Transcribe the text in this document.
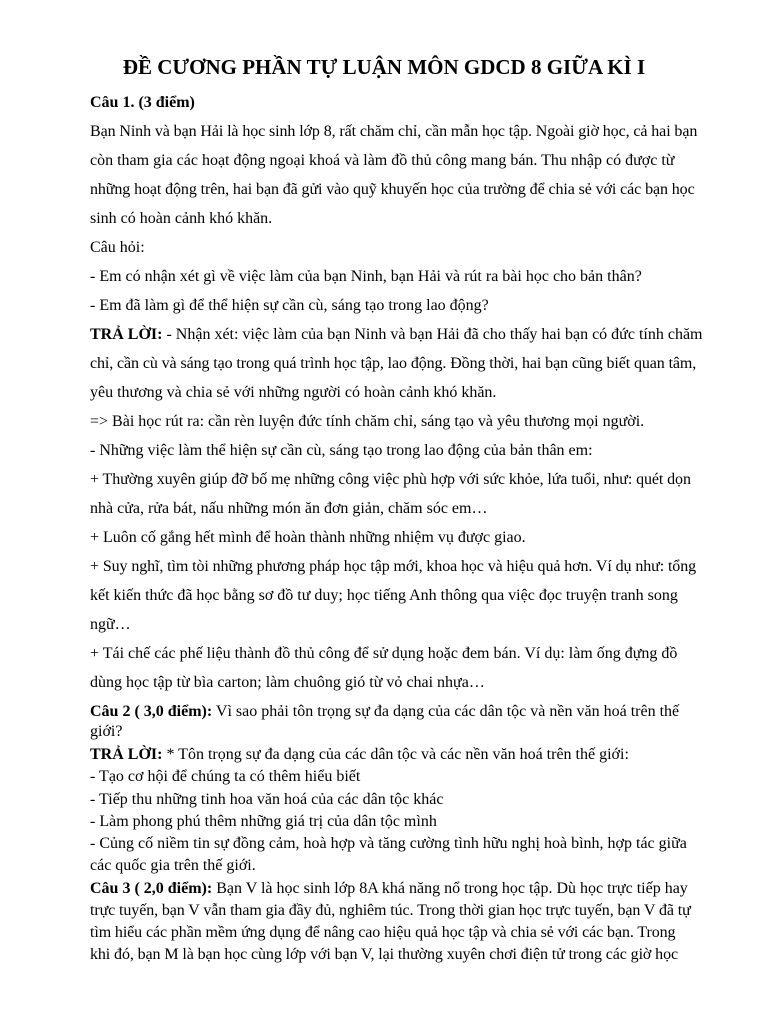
ĐỀ CƯƠNG PHẦN TỰ LUẬN MÔN GDCD 8 GIỮA KÌ I
Câu 1. (3 điểm)
Bạn Ninh và bạn Hải là học sinh lớp 8, rất chăm chỉ, cần mẫn học tập. Ngoài giờ học, cả hai bạn
còn tham gia các hoạt động ngoại khoá và làm đồ thủ công mang bán. Thu nhập có được từ
những hoạt động trên, hai bạn đã gửi vào quỹ khuyến học của trường để chia sẻ với các bạn học
sinh có hoàn cảnh khó khăn.
Câu hỏi:
- Em có nhận xét gì về việc làm của bạn Ninh, bạn Hải và rút ra bài học cho bản thân?
- Em đã làm gì để thể hiện sự cần cù, sáng tạo trong lao động?
TRẢ LỜI: - Nhận xét: việc làm của bạn Ninh và bạn Hải đã cho thấy hai bạn có đức tính chăm
chỉ, cần cù và sáng tạo trong quá trình học tập, lao động. Đồng thời, hai bạn cũng biết quan tâm,
yêu thương và chia sẻ với những người có hoàn cảnh khó khăn.
=> Bài học rút ra: cần rèn luyện đức tính chăm chỉ, sáng tạo và yêu thương mọi người.
- Những việc làm thể hiện sự cần cù, sáng tạo trong lao động của bản thân em:
+ Thường xuyên giúp đỡ bố mẹ những công việc phù hợp với sức khỏe, lứa tuổi, như: quét dọn
nhà cửa, rửa bát, nấu những món ăn đơn giản, chăm sóc em…
+ Luôn cố gắng hết mình để hoàn thành những nhiệm vụ được giao.
+ Suy nghĩ, tìm tòi những phương pháp học tập mới, khoa học và hiệu quả hơn. Ví dụ như: tổng
kết kiến thức đã học bằng sơ đồ tư duy; học tiếng Anh thông qua việc đọc truyện tranh song
ngữ…
+ Tái chế các phế liệu thành đồ thủ công để sử dụng hoặc đem bán. Ví dụ: làm ống đựng đồ
dùng học tập từ bìa carton; làm chuông gió từ vỏ chai nhựa…
Câu 2 ( 3,0 điểm): Vì sao phải tôn trọng sự đa dạng của các dân tộc và nền văn hoá trên thế
giới?
TRẢ LỜI: * Tôn trọng sự đa dạng của các dân tộc và các nền văn hoá trên thế giới:
- Tạo cơ hội để chúng ta có thêm hiểu biết
- Tiếp thu những tinh hoa văn hoá của các dân tộc khác
- Làm phong phú thêm những giá trị của dân tộc mình
- Củng cố niềm tin sự đồng cảm, hoà hợp và tăng cường tình hữu nghị hoà bình, hợp tác giữa
các quốc gia trên thế giới.
Câu 3 ( 2,0 điểm): Bạn V là học sinh lớp 8A khá năng nổ trong học tập. Dù học trực tiếp hay
trực tuyến, bạn V vẫn tham gia đầy đủ, nghiêm túc. Trong thời gian học trực tuyến, bạn V đã tự
tìm hiểu các phần mềm ứng dụng để nâng cao hiệu quả học tập và chia sẻ với các bạn. Trong
khi đó, bạn M là bạn học cùng lớp với bạn V, lại thường xuyên chơi điện tử trong các giờ học
